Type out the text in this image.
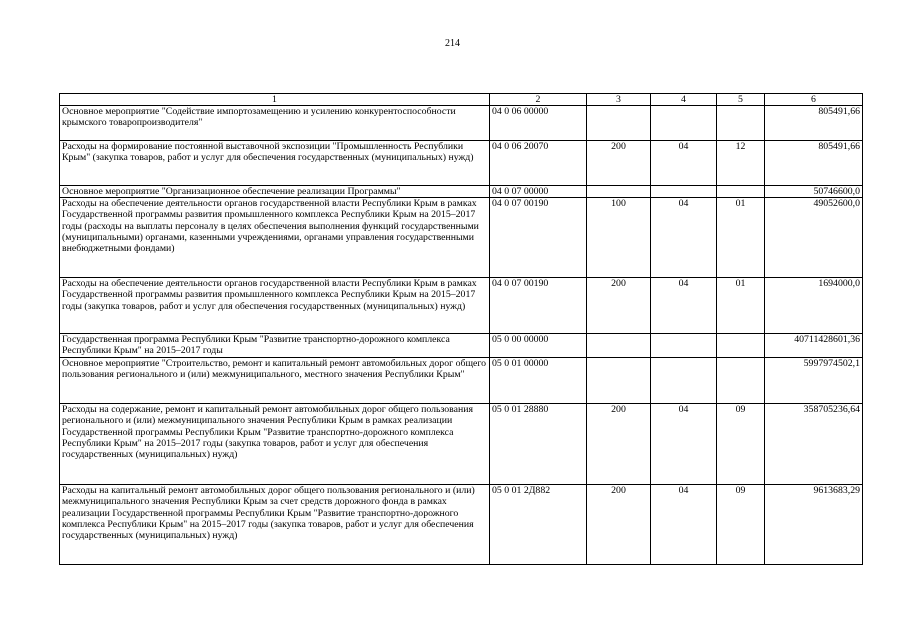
214
1	2	3	4	5	6
Основное мероприятие "Содействие импортозамещению и усилению конкурентоспособности крымского товаропроизводителя"	04 0 06 00000				805491,66
Расходы на формирование постоянной выставочной экспозиции "Промышленность Республики Крым" (закупка товаров, работ и услуг для обеспечения государственных (муниципальных) нужд)	04 0 06 20070	200	04	12	805491,66
Основное мероприятие "Организационное обеспечение реализации Программы"	04 0 07 00000				50746600,0
Расходы на обеспечение деятельности органов государственной власти Республики Крым в рамках Государственной программы развития промышленного комплекса Республики Крым на 2015–2017 годы (расходы на выплаты персоналу в целях обеспечения выполнения функций государственными (муниципальными) органами, казенными учреждениями, органами управления государственными внебюджетными фондами)	04 0 07 00190	100	04	01	49052600,0
Расходы на обеспечение деятельности органов государственной власти Республики Крым в рамках Государственной программы развития промышленного комплекса Республики Крым на 2015–2017 годы (закупка товаров, работ и услуг для обеспечения государственных (муниципальных) нужд)	04 0 07 00190	200	04	01	1694000,0
Государственная программа Республики Крым "Развитие транспортно-дорожного комплекса Республики Крым" на 2015–2017 годы	05 0 00 00000				40711428601,36
Основное мероприятие "Строительство, ремонт и капитальный ремонт автомобильных дорог общего пользования регионального и (или) межмуниципального, местного значения Республики Крым"	05 0 01 00000				5997974502,1
Расходы на содержание, ремонт и капитальный ремонт автомобильных дорог общего пользования регионального и (или) межмуниципального значения Республики Крым в рамках реализации Государственной программы Республики Крым "Развитие транспортно-дорожного комплекса Республики Крым" на 2015–2017 годы (закупка товаров, работ и услуг для обеспечения государственных (муниципальных) нужд)	05 0 01 28880	200	04	09	358705236,64
Расходы на капитальный ремонт автомобильных дорог общего пользования регионального и (или) межмуниципального значения Республики Крым за счет средств дорожного фонда в рамках реализации Государственной программы Республики Крым "Развитие транспортно-дорожного комплекса Республики Крым" на 2015–2017 годы (закупка товаров, работ и услуг для обеспечения государственных (муниципальных) нужд)	05 0 01 2Д882	200	04	09	9613683,29
